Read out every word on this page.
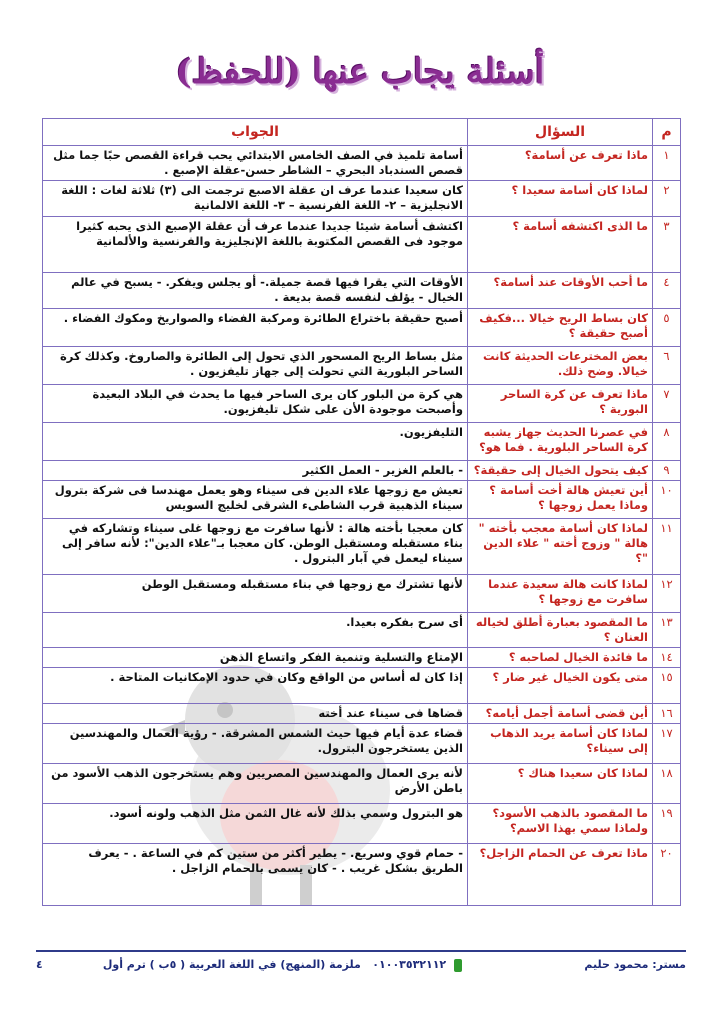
أسئلة يجاب عنها (للحفظ)
م	السؤال	الجواب
١	ماذا تعرف عن أسامة؟	أسامة تلميذ في الصف الخامس الابتدائي يحب قراءة القصص حبًا جما مثل قصص السندباد البحري – الشاطر حسن-عقلة الإصبع .
٢	لماذا كان أسامة سعيدا ؟	كان سعيدا عندما عرف ان عقلة الاصبع ترجمت الى (٣) ثلاثة لغات : اللغة الانجليزية – ٢- اللغة الفرنسية – ٣- اللغة الالمانية
٣	ما الذى اكتشفه أسامة ؟	اكتشف أسامة شيئا جديدا عندما عرف أن عقلة الإصبع الذى يحبه كثيرا موجود فى القصص المكتوبة باللغة الإنجليزية والفرنسية والألمانية
٤	ما أحب الأوقات عند أسامة؟	الأوقات التي يقرا فيها قصة جميلة.- أو يجلس ويفكر. - يسبح في عالم الخيال - يؤلف لنفسه قصة بديعة .
٥	كان بساط الريح خيالا ...فكيف أصبح حقيقة ؟	أصبح حقيقة باختراع الطائرة ومركبة الفضاء والصواريخ ومكوك الفضاء .
٦	بعض المخترعات الحديثة كانت خيالا. وضح ذلك.	مثل بساط الريح المسحور الذي تحول إلى الطائرة والصاروخ. وكذلك كرة الساحر البلورية التي تحولت إلى جهاز تليفزيون .
٧	ماذا تعرف عن كرة الساحر البورية ؟	هي كرة من البلور كان يرى الساحر فيها ما يحدث في البلاد البعيدة وأصبحت موجودة الأن على شكل تليفزيون.
٨	في عصرنا الحديث جهاز يشبه كرة الساحر البلورية . فما هو؟	التليفزيون.
٩	كيف يتحول الخيال إلى حقيقة؟	- بالعلم الغزير - العمل الكثير
١٠	أين تعيش هالة أخت أسامة ؟ وماذا يعمل زوجها ؟	تعيش مع زوجها علاء الدين فى سيناء وهو يعمل مهندسا فى شركة بترول سيناء الذهبية قرب الشاطىء الشرقى لخليج السويس
١١	لماذا كان أسامة معجب بأخته " هالة " وزوج أخته " علاء الدين "؟	كان معجبا بأخته هالة : لأنها سافرت مع زوجها غلى سيناء وتشاركه في بناء مستقبله ومستقبل الوطن. كان معجبا بـ"علاء الدين": لأنه سافر إلى سيناء ليعمل في آبار البترول .
١٢	لماذا كانت هالة سعيدة عندما سافرت مع زوجها ؟	لأنها تشترك مع زوجها في بناء مستقبله ومستقبل الوطن
١٣	ما المقصود بعبارة أطلق لخياله العنان ؟	أى سرح بفكره بعيدا.
١٤	ما فائدة الخيال لصاحبه ؟	الإمتاع والتسلية وتنمية الفكر واتساع الذهن
١٥	متى يكون الخيال غير ضار ؟	إذا كان له أساس من الواقع وكان في حدود الإمكانيات المتاحة .
١٦	أين قضى أسامة أجمل أيامه؟	قضاها فى سيناء عند أخته
١٧	لماذا كان أسامة يريد الذهاب إلى سيناء؟	قضاء عدة أيام فيها حيث الشمس المشرقة. - رؤية العمال والمهندسين الذين يستخرجون البترول.
١٨	لماذا كان سعيدا هناك ؟	لأنه يرى العمال والمهندسين المصريين وهم يستخرجون الذهب الأسود من باطن الأرض
١٩	ما المقصود بالذهب الأسود؟ ولماذا سمي بهذا الاسم؟	هو البترول وسمي بذلك لأنه غال الثمن مثل الذهب ولونه أسود.
٢٠	ماذا تعرف عن الحمام الزاجل؟	- حمام قوي وسريع. - يطير أكثر من ستين كم في الساعة . - يعرف الطريق بشكل غريب . - كان يسمى بالحمام الزاجل .
مستر: محمود حليم
٠١٠٠٣٥٣٢١١٢   ملزمة (المنهج) في اللغة العربية ( ٥ب ) ترم أول
٤
